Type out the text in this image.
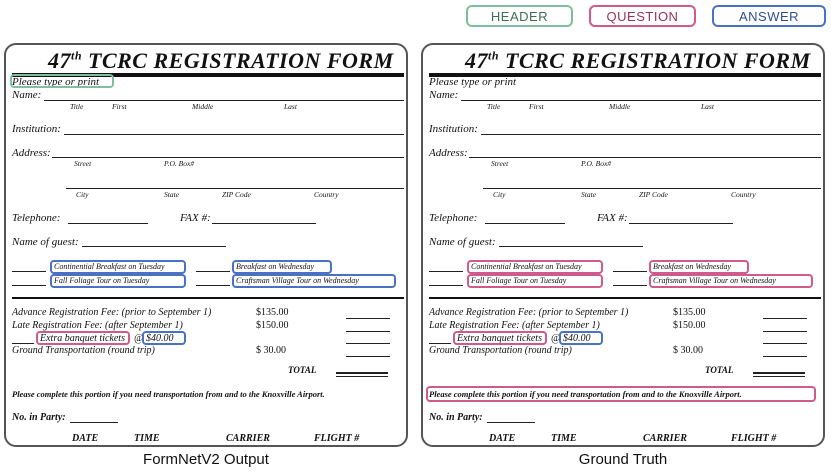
HEADER	QUESTION	ANSWER
47th TCRC REGISTRATION FORM
Please type or print
Name:
Title	First	Middle	Last
Institution:
Address:
Street	P.O. Box#
City	State	ZIP Code	Country
Telephone:	FAX #:
Name of guest:
Continential Breakfast on Tuesday	Breakfast on Wednesday
Fall Foliage Tour on Tuesday	Craftsman Village Tour on Wednesday
Advance Registration Fee: (prior to September 1)	$135.00
Late Registration Fee: (after September 1)	$150.00
Extra banquet tickets @ $40.00
Ground Transportation (round trip)	$ 30.00
TOTAL
Please complete this portion if you need transportation from and to the Knoxville Airport.
No. in Party:
DATE	TIME	CARRIER	FLIGHT #
47th TCRC REGISTRATION FORM
Please type or print
Name:
Title	First	Middle	Last
Institution:
Address:
Street	P.O. Box#
City	State	ZIP Code	Country
Telephone:	FAX #:
Name of guest:
Continential Breakfast on Tuesday	Breakfast on Wednesday
Fall Foliage Tour on Tuesday	Craftsman Village Tour on Wednesday
Advance Registration Fee: (prior to September 1)	$135.00
Late Registration Fee: (after September 1)	$150.00
Extra banquet tickets @ $40.00
Ground Transportation (round trip)	$ 30.00
TOTAL
Please complete this portion if you need transportation from and to the Knoxville Airport.
No. in Party:
DATE	TIME	CARRIER	FLIGHT #
FormNetV2 Output	Ground Truth
